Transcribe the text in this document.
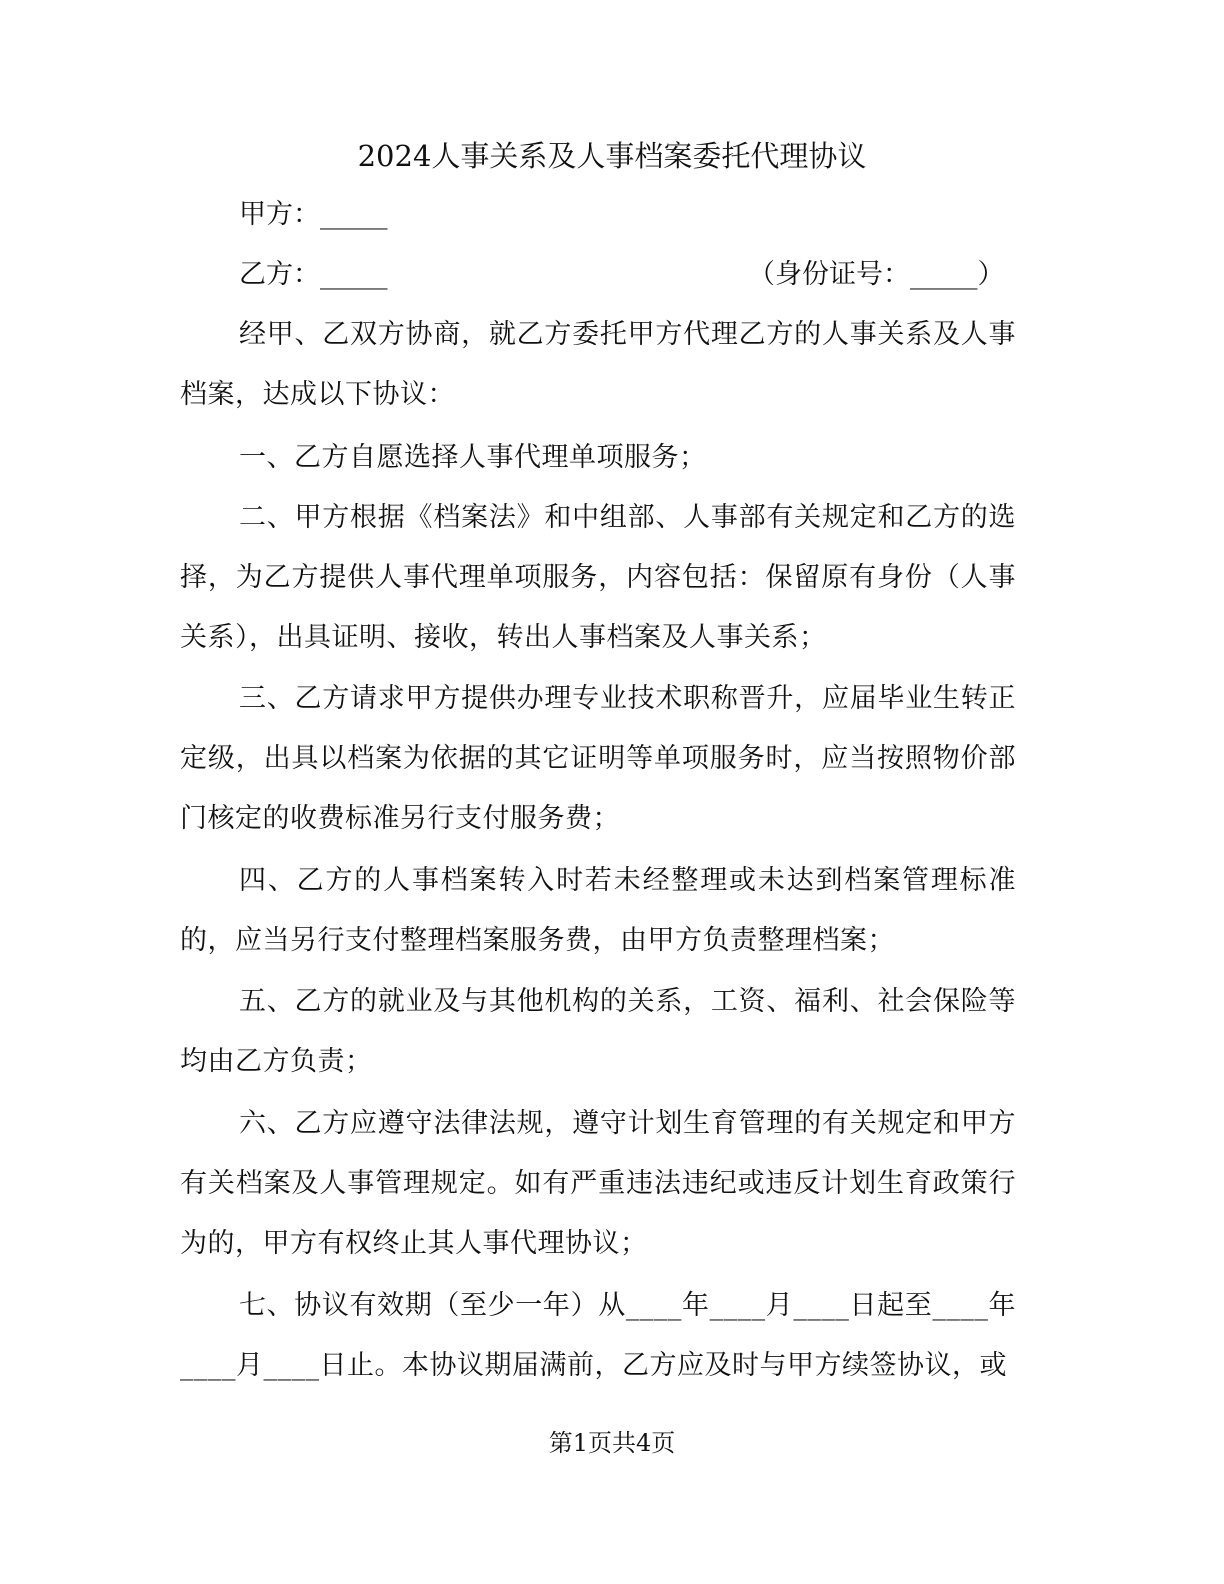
2024人事关系及人事档案委托代理协议
甲方：_____
乙方：_____	（身份证号：_____）

经甲、乙双方协商，就乙方委托甲方代理乙方的人事关系及人事档案，达成以下协议：

一、乙方自愿选择人事代理单项服务；

二、甲方根据《档案法》和中组部、人事部有关规定和乙方的选择，为乙方提供人事代理单项服务，内容包括：保留原有身份（人事关系），出具证明、接收，转出人事档案及人事关系；

三、乙方请求甲方提供办理专业技术职称晋升，应届毕业生转正定级，出具以档案为依据的其它证明等单项服务时，应当按照物价部门核定的收费标准另行支付服务费；

四、乙方的人事档案转入时若未经整理或未达到档案管理标准的，应当另行支付整理档案服务费，由甲方负责整理档案；

五、乙方的就业及与其他机构的关系，工资、福利、社会保险等均由乙方负责；

六、乙方应遵守法律法规，遵守计划生育管理的有关规定和甲方有关档案及人事管理规定。如有严重违法违纪或违反计划生育政策行为的，甲方有权终止其人事代理协议；

七、协议有效期（至少一年）从____年____月____日起至____年____月____日止。本协议期届满前，乙方应及时与甲方续签协议，或

第1页共4页
